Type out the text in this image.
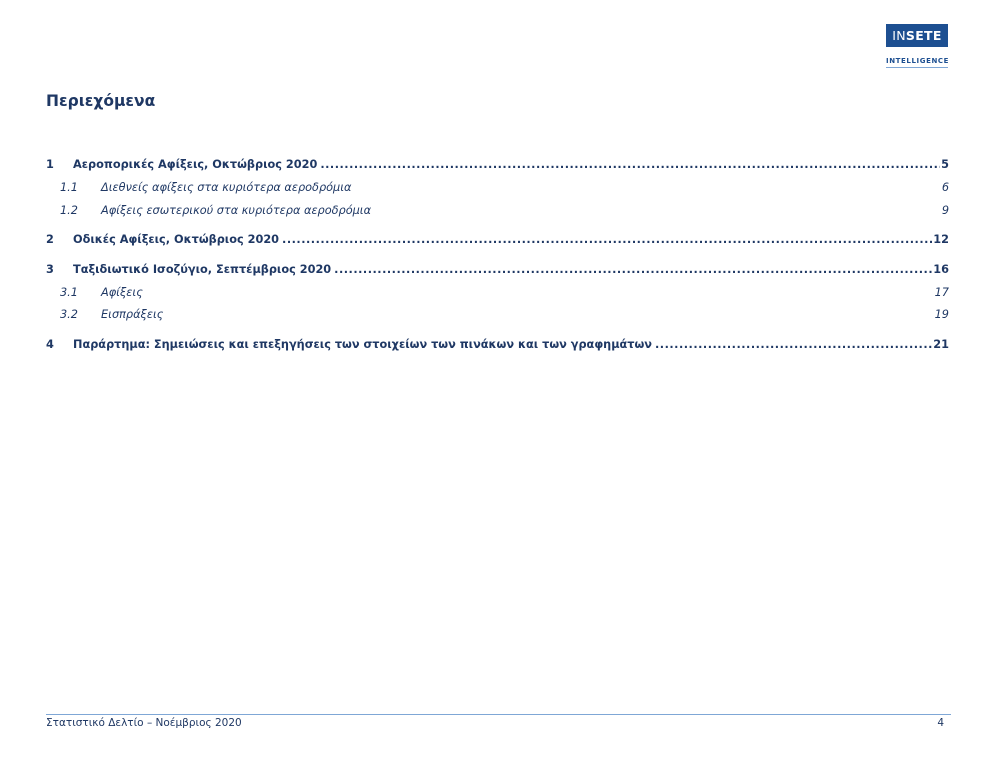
INSETE
INTELLIGENCE
Περιεχόμενα
1	Αεροπορικές Αφίξεις, Οκτώβριος 2020 .....	5
1.1	Διεθνείς αφίξεις στα κυριότερα αεροδρόμια	6
1.2	Αφίξεις εσωτερικού στα κυριότερα αεροδρόμια	9
2	Οδικές Αφίξεις, Οκτώβριος 2020 .....	12
3	Ταξιδιωτικό Ισοζύγιο, Σεπτέμβριος 2020 .....	16
3.1	Αφίξεις	17
3.2	Εισπράξεις	19
4	Παράρτημα: Σημειώσεις και επεξηγήσεις των στοιχείων των πινάκων και των γραφημάτων .....	21
Στατιστικό Δελτίο – Νοέμβριος 2020	4
